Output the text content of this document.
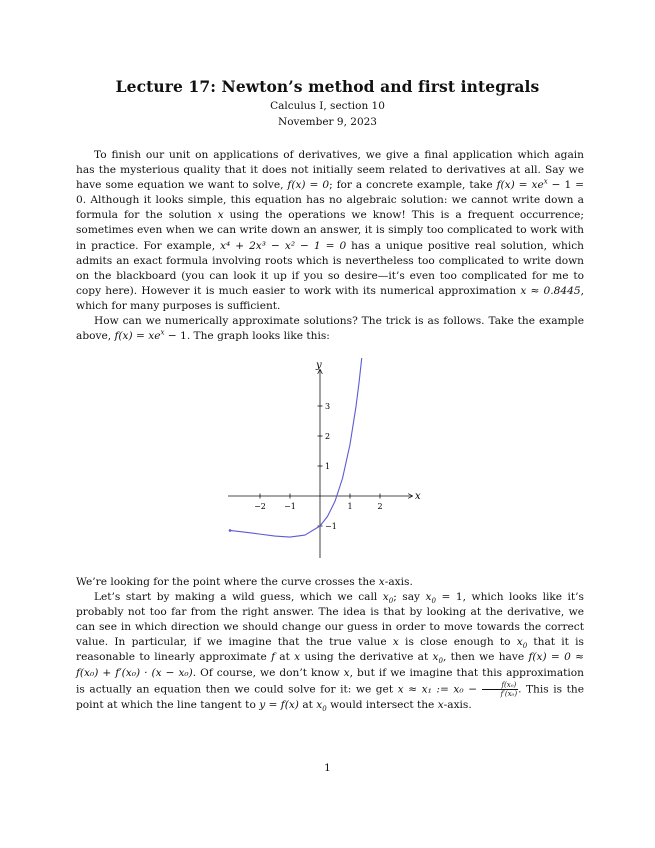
Lecture 17: Newton’s method and first integrals
Calculus I, section 10
November 9, 2023

To finish our unit on applications of derivatives, we give a final application which again has the mysterious quality that it does not initially seem related to derivatives at all. Say we have some equation we want to solve, f(x) = 0; for a concrete example, take $f(x) = xe^x - 1 = 0$. Although it looks simple, this equation has no algebraic solution: we cannot write down a formula for the solution x using the operations we know! This is a frequent occurrence; sometimes even when we can write down an answer, it is simply too complicated to work with in practice. For example, x⁴ + 2x³ − x² − 1 = 0 has a unique positive real solution, which admits an exact formula involving roots which is nevertheless too complicated to write down on the blackboard (you can look it up if you so desire—it’s even too complicated for me to copy here). However it is much easier to work with its numerical approximation x ≈ 0.8445, which for many purposes is sufficient.

How can we numerically approximate solutions? The trick is as follows. Take the example above, $f(x) = xe^x - 1$. The graph looks like this:

−2 −1	1	2
3
2
1
−1
x
y

We’re looking for the point where the curve crosses the x-axis.

Let’s start by making a wild guess, which we call $x_0$; say $x_0 = 1$, which looks like it’s probably not too far from the right answer. The idea is that by looking at the derivative, we can see in which direction we should change our guess in order to move towards the correct value. In particular, if we imagine that the true value x is close enough to $x_0$ that it is reasonable to linearly approximate f at x using the derivative at $x_0$, then we have f(x) = 0 ≈ f(x₀) + f′(x₀) · (x − x₀). Of course, we don’t know x, but if we imagine that this approximation is actually an equation then we could solve for it: we get x ≈ x₁ := $x_0 - \frac{\text{f(x₀)}}{\text{f′(x₀)}}$ . This is the point at which the line tangent to y = f(x) at $x_0$ would intersect the x-axis.

1
